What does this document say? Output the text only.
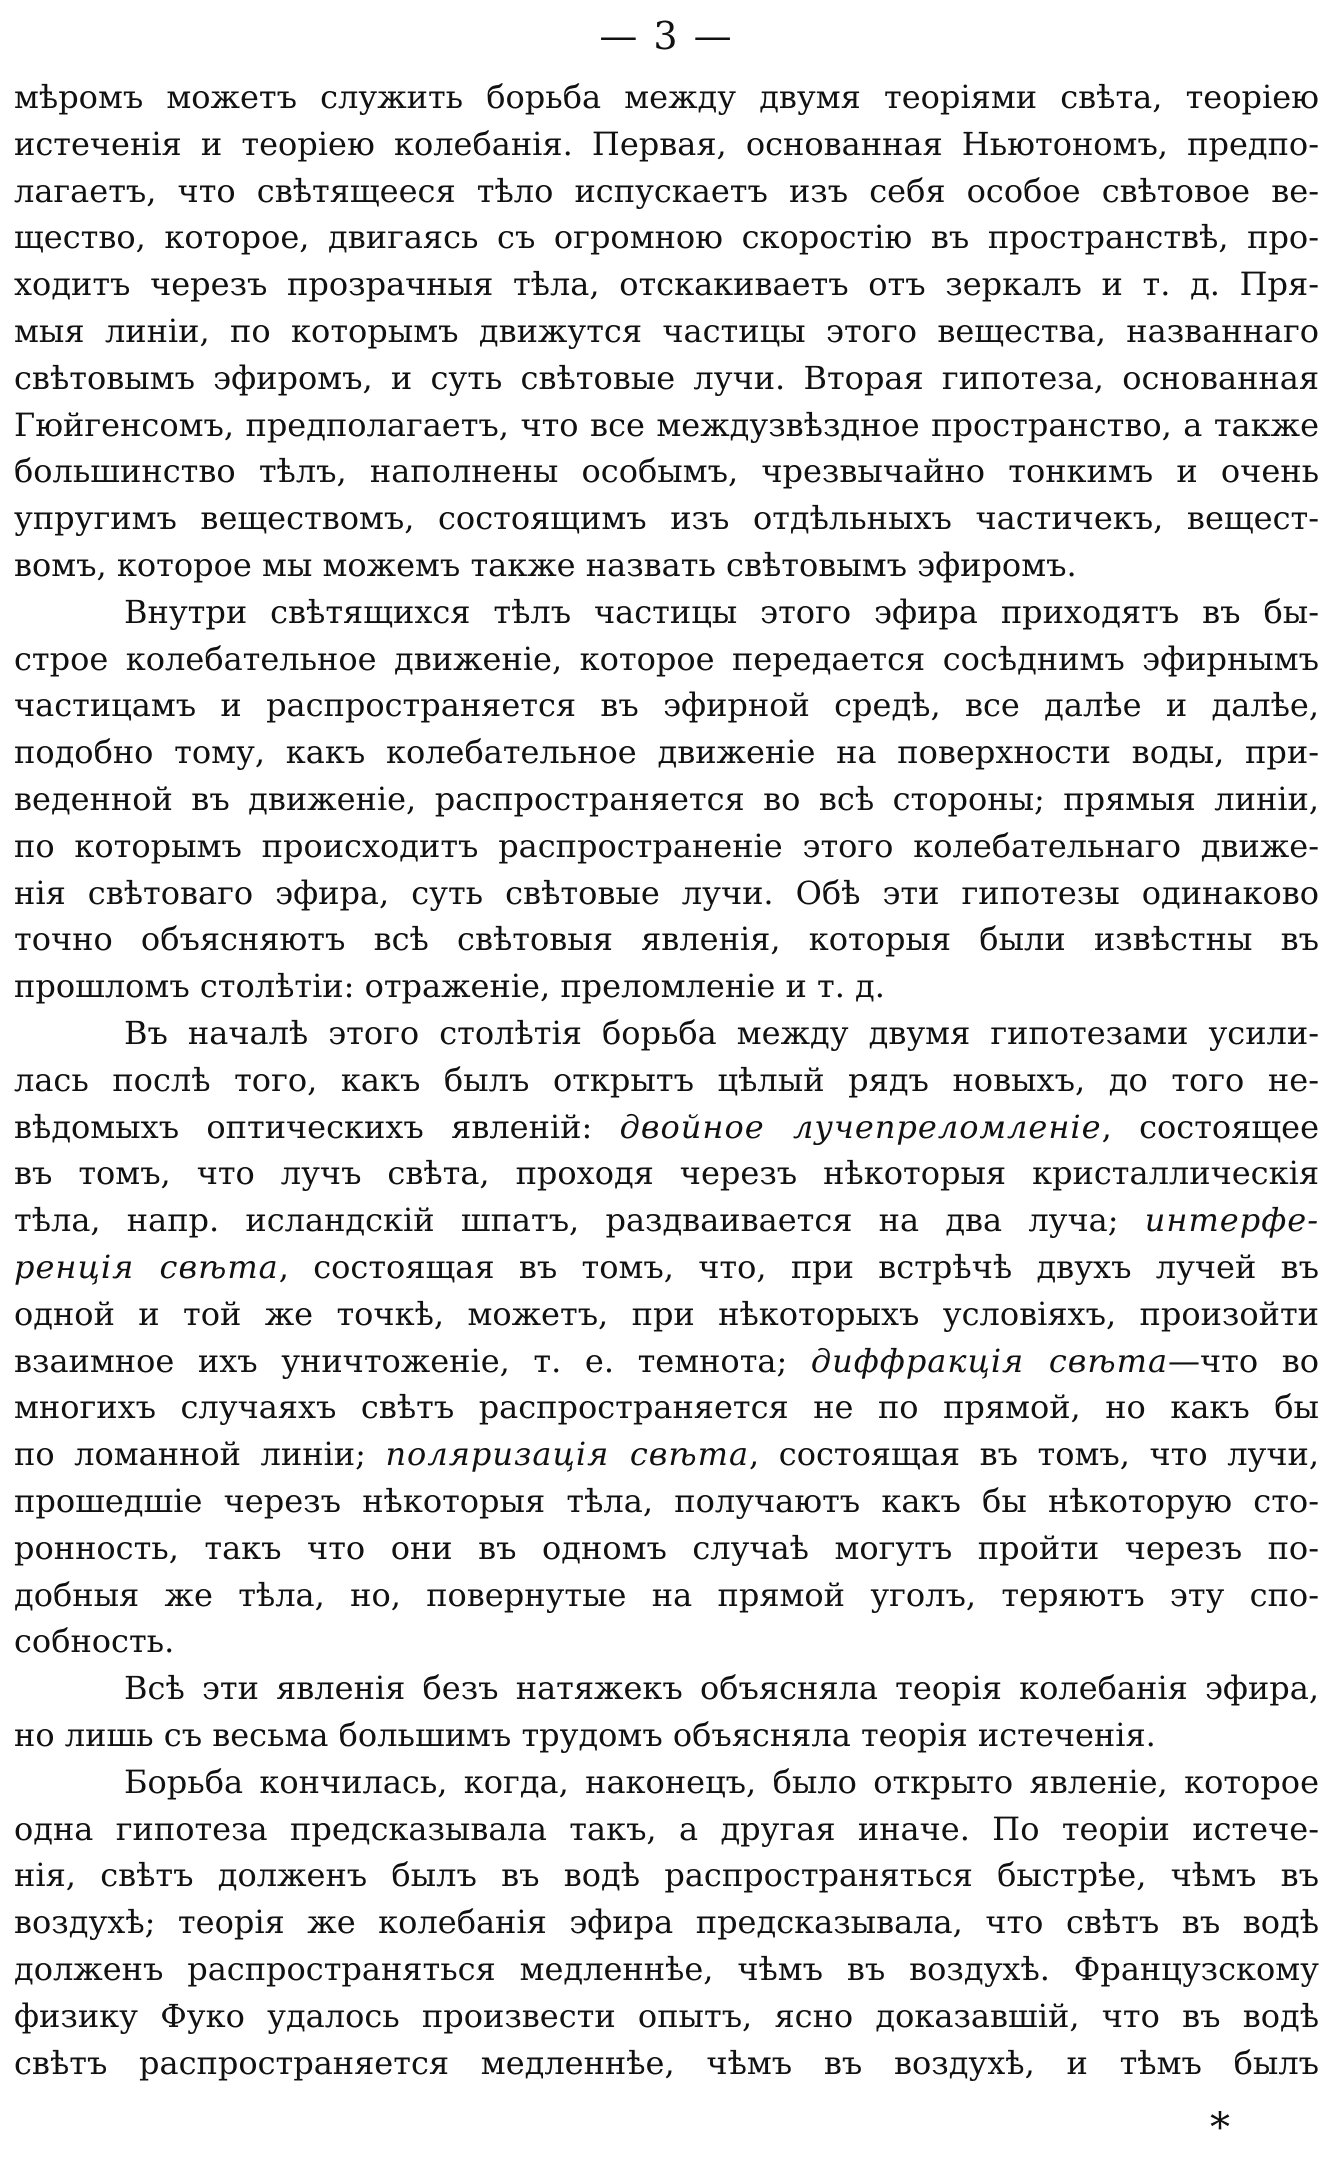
— 3 —
мѣромъ можетъ служить борьба между двумя теоріями свѣта, теоріею
истеченія и теоріею колебанія. Первая, основанная Ньютономъ, предпо-
лагаетъ, что свѣтящееся тѣло испускаетъ изъ себя особое свѣтовое ве-
щество, которое, двигаясь съ огромною скоростію въ пространствѣ, про-
ходитъ черезъ прозрачныя тѣла, отскакиваетъ отъ зеркалъ и т. д. Пря-
мыя линіи, по которымъ движутся частицы этого вещества, названнаго
свѣтовымъ эфиромъ, и суть свѣтовые лучи. Вторая гипотеза, основанная
Гюйгенсомъ, предполагаетъ, что все междузвѣздное пространство, а также
большинство тѣлъ, наполнены особымъ, чрезвычайно тонкимъ и очень
упругимъ веществомъ, состоящимъ изъ отдѣльныхъ частичекъ, вещест-
вомъ, которое мы можемъ также назвать свѣтовымъ эфиромъ.
Внутри свѣтящихся тѣлъ частицы этого эфира приходятъ въ бы-
строе колебательное движеніе, которое передается сосѣднимъ эфирнымъ
частицамъ и распространяется въ эфирной средѣ, все далѣе и далѣе,
подобно тому, какъ колебательное движеніе на поверхности воды, при-
веденной въ движеніе, распространяется во всѣ стороны; прямыя линіи,
по которымъ происходитъ распространеніе этого колебательнаго движе-
нія свѣтоваго эфира, суть свѣтовые лучи. Обѣ эти гипотезы одинаково
точно объясняютъ всѣ свѣтовыя явленія, которыя были извѣстны въ
прошломъ столѣтіи: отраженіе, преломленіе и т. д.
Въ началѣ этого столѣтія борьба между двумя гипотезами усили-
лась послѣ того, какъ былъ открытъ цѣлый рядъ новыхъ, до того не-
вѣдомыхъ оптическихъ явленій: двойное лучепреломленіе, состоящее
въ томъ, что лучъ свѣта, проходя черезъ нѣкоторыя кристаллическія
тѣла, напр. исландскій шпатъ, раздваивается на два луча; интерфе-
ренція свѣта, состоящая въ томъ, что, при встрѣчѣ двухъ лучей въ
одной и той же точкѣ, можетъ, при нѣкоторыхъ условіяхъ, произойти
взаимное ихъ уничтоженіе, т. е. темнота; диффракція свѣта—что во
многихъ случаяхъ свѣтъ распространяется не по прямой, но какъ бы
по ломанной линіи; поляризація свѣта, состоящая въ томъ, что лучи,
прошедшіе черезъ нѣкоторыя тѣла, получаютъ какъ бы нѣкоторую сто-
ронность, такъ что они въ одномъ случаѣ могутъ пройти черезъ по-
добныя же тѣла, но, повернутые на прямой уголъ, теряютъ эту спо-
собность.
Всѣ эти явленія безъ натяжекъ объясняла теорія колебанія эфира,
но лишь съ весьма большимъ трудомъ объясняла теорія истеченія.
Борьба кончилась, когда, наконецъ, было открыто явленіе, которое
одна гипотеза предсказывала такъ, а другая иначе. По теоріи истече-
нія, свѣтъ долженъ былъ въ водѣ распространяться быстрѣе, чѣмъ въ
воздухѣ; теорія же колебанія эфира предсказывала, что свѣтъ въ водѣ
долженъ распространяться медленнѣе, чѣмъ въ воздухѣ. Французскому
физику Фуко удалось произвести опытъ, ясно доказавшій, что въ водѣ
свѣтъ распространяется медленнѣе, чѣмъ въ воздухѣ, и тѣмъ былъ
*
